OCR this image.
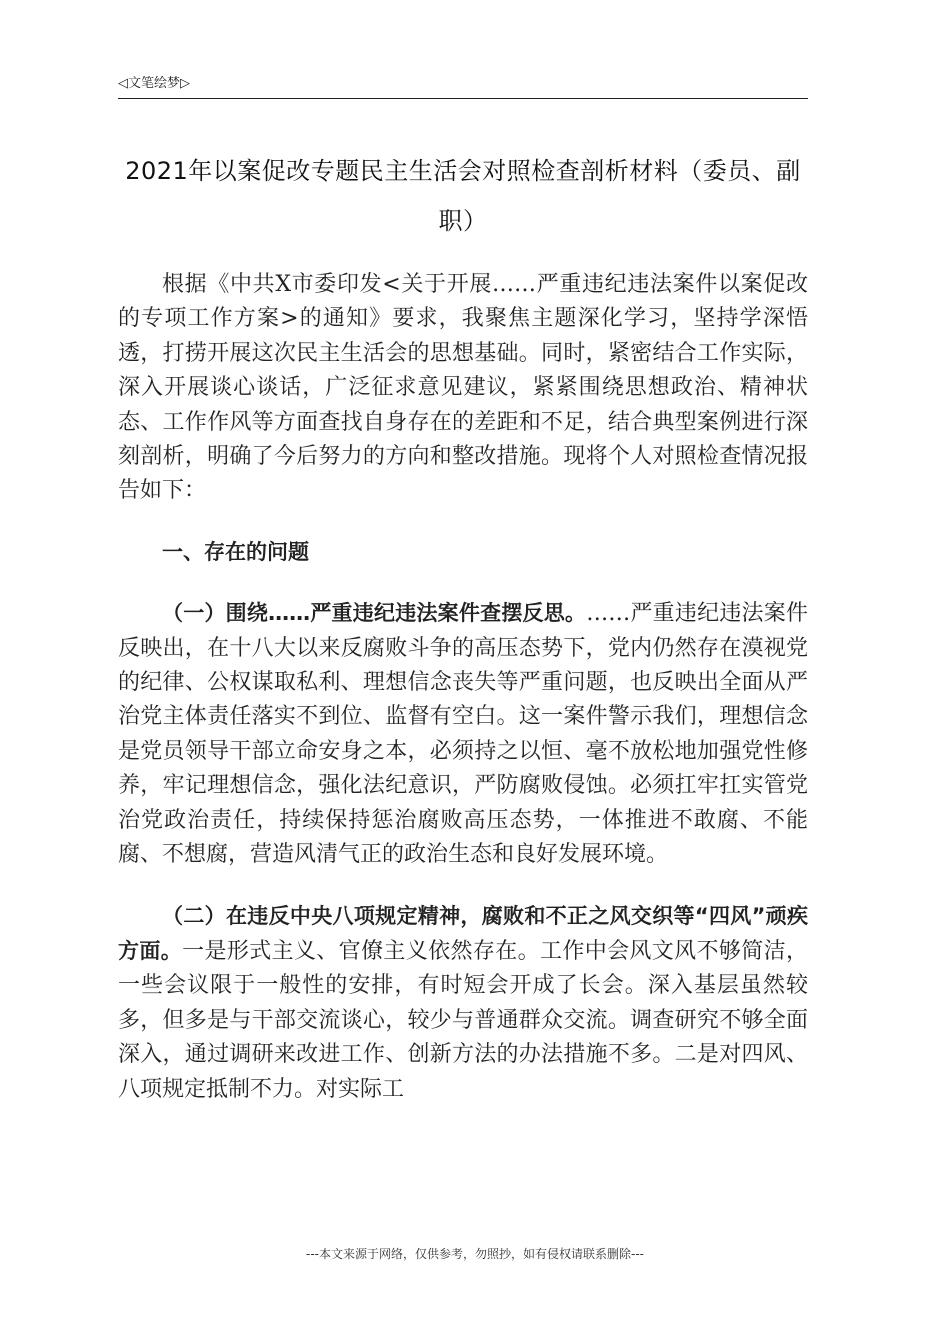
◁文笔绘梦▷
2021年以案促改专题民主生活会对照检查剖析材料（委员、副职）

根据《中共X市委印发<关于开展……严重违纪违法案件以案促改的专项工作方案>的通知》要求，我聚焦主题深化学习，坚持学深悟透，打捞开展这次民主生活会的思想基础。同时，紧密结合工作实际，深入开展谈心谈话，广泛征求意见建议，紧紧围绕思想政治、精神状态、工作作风等方面查找自身存在的差距和不足，结合典型案例进行深刻剖析，明确了今后努力的方向和整改措施。现将个人对照检查情况报告如下：

一、存在的问题

（一）围绕……严重违纪违法案件查摆反思。……严重违纪违法案件反映出，在十八大以来反腐败斗争的高压态势下，党内仍然存在漠视党的纪律、公权谋取私利、理想信念丧失等严重问题，也反映出全面从严治党主体责任落实不到位、监督有空白。这一案件警示我们，理想信念是党员领导干部立命安身之本，必须持之以恒、毫不放松地加强党性修养，牢记理想信念，强化法纪意识，严防腐败侵蚀。必须扛牢扛实管党治党政治责任，持续保持惩治腐败高压态势，一体推进不敢腐、不能腐、不想腐，营造风清气正的政治生态和良好发展环境。

（二）在违反中央八项规定精神，腐败和不正之风交织等“四风”顽疾方面。一是形式主义、官僚主义依然存在。工作中会风文风不够简洁，一些会议限于一般性的安排，有时短会开成了长会。深入基层虽然较多，但多是与干部交流谈心，较少与普通群众交流。调查研究不够全面深入，通过调研来改进工作、创新方法的办法措施不多。二是对四风、八项规定抵制不力。对实际工

---本文来源于网络，仅供参考，勿照抄，如有侵权请联系删除---
